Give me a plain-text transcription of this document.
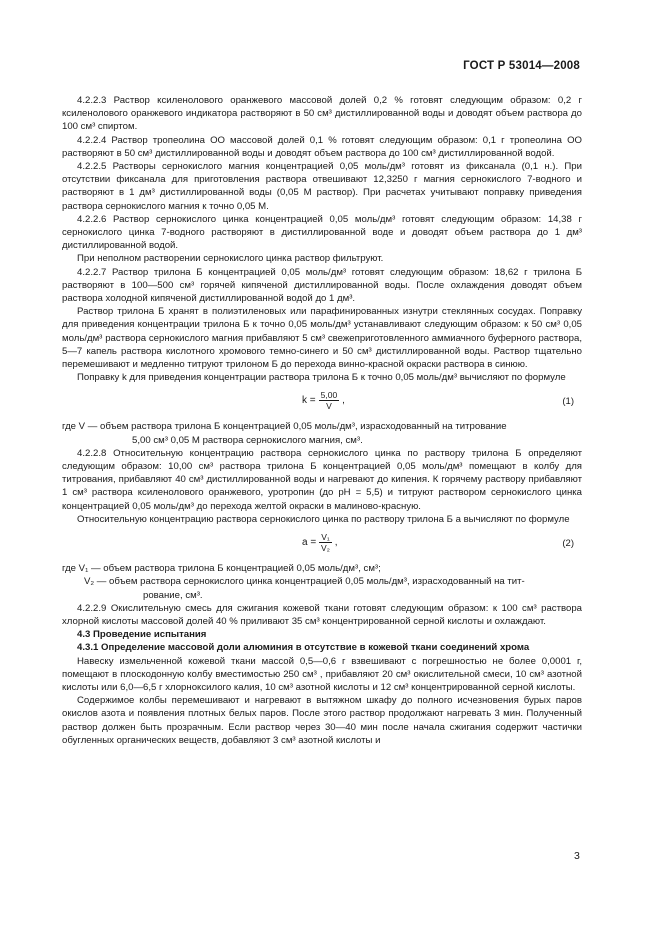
ГОСТ Р 53014—2008

4.2.2.3 Раствор ксиленолового оранжевого массовой долей 0,2 % готовят следующим образом: 0,2 г ксиленолового оранжевого индикатора растворяют в 50 см³ дистиллированной воды и доводят объем раствора до 100 см³ спиртом.

4.2.2.4 Раствор тропеолина ОО массовой долей 0,1 % готовят следующим образом: 0,1 г тропеолина ОО растворяют в 50 см³ дистиллированной воды и доводят объем раствора до 100 см³ дистиллированной водой.

4.2.2.5 Растворы сернокислого магния концентрацией 0,05 моль/дм³ готовят из фиксанала (0,1 н.). При отсутствии фиксанала для приготовления раствора отвешивают 12,3250 г магния сернокислого 7-водного и растворяют в 1 дм³ дистиллированной воды (0,05 М раствор). При расчетах учитывают поправку приведения раствора сернокислого магния к точно 0,05 М.

4.2.2.6 Раствор сернокислого цинка концентрацией 0,05 моль/дм³ готовят следующим образом: 14,38 г сернокислого цинка 7-водного растворяют в дистиллированной воде и доводят объем раствора до 1 дм³ дистиллированной водой.

При неполном растворении сернокислого цинка раствор фильтруют.

4.2.2.7 Раствор трилона Б концентрацией 0,05 моль/дм³ готовят следующим образом: 18,62 г трилона Б растворяют в 100—500 см³ горячей кипяченой дистиллированной воды. После охлаждения доводят объем раствора холодной кипяченой дистиллированной водой до 1 дм³.

Раствор трилона Б хранят в полиэтиленовых или парафинированных изнутри стеклянных сосудах. Поправку для приведения концентрации трилона Б к точно 0,05 моль/дм³ устанавливают следующим образом: к 50 см³ 0,05 моль/дм³ раствора сернокислого магния прибавляют 5 см³ свежеприготовленного аммиачного буферного раствора, 5—7 капель раствора кислотного хромового темно-синего и 50 см³ дистиллированной воды. Раствор тщательно перемешивают и медленно титруют трилоном Б до перехода винно-красной окраски раствора в синюю.

Поправку k для приведения концентрации раствора трилона Б к точно 0,05 моль/дм³ вычисляют по формуле

$k = \frac{5,00}{V}$ ,	(1)

где V — объем раствора трилона Б концентрацией 0,05 моль/дм³, израсходованный на титрование

5,00 см³ 0,05 М раствора сернокислого магния, см³.

4.2.2.8 Относительную концентрацию раствора сернокислого цинка по раствору трилона Б определяют следующим образом: 10,00 см³ раствора трилона Б концентрацией 0,05 моль/дм³ помещают в колбу для титрования, прибавляют 40 см³ дистиллированной воды и нагревают до кипения. К горячему раствору прибавляют 1 см³ раствора ксиленолового оранжевого, уротропин (до pH = 5,5) и титруют раствором сернокислого цинка концентрацией 0,05 моль/дм³ до перехода желтой окраски в малиново-красную.

Относительную концентрацию раствора сернокислого цинка по раствору трилона Б a вычисляют по формуле

$a = \frac{\text{V₁}}{\text{V₂}}$ ,	(2)

где V₁ — объем раствора трилона Б концентрацией 0,05 моль/дм³, см³;

V₂ — объем раствора сернокислого цинка концентрацией 0,05 моль/дм³, израсходованный на тит-

рование, см³.

4.2.2.9 Окислительную смесь для сжигания кожевой ткани готовят следующим образом: к 100 см³ раствора хлорной кислоты массовой долей 40 % приливают 35 см³ концентрированной серной кислоты и охлаждают.

4.3 Проведение испытания

4.3.1 Определение массовой доли алюминия в отсутствие в кожевой ткани соединений хрома

Навеску измельченной кожевой ткани массой 0,5—0,6 г взвешивают с погрешностью не более 0,0001 г, помещают в плоскодонную колбу вместимостью 250 см³ , прибавляют 20 см³ окислительной смеси, 10 см³ азотной кислоты или 6,0—6,5 г хлорноксилого калия, 10 см³ азотной кислоты и 12 см³ концентрированной серной кислоты.

Содержимое колбы перемешивают и нагревают в вытяжном шкафу до полного исчезновения бурых паров окислов азота и появления плотных белых паров. После этого раствор продолжают нагревать 3 мин. Полученный раствор должен быть прозрачным. Если раствор через 30—40 мин после начала сжигания содержит частички обугленных органических веществ, добавляют 3 см³ азотной кислоты и

3
